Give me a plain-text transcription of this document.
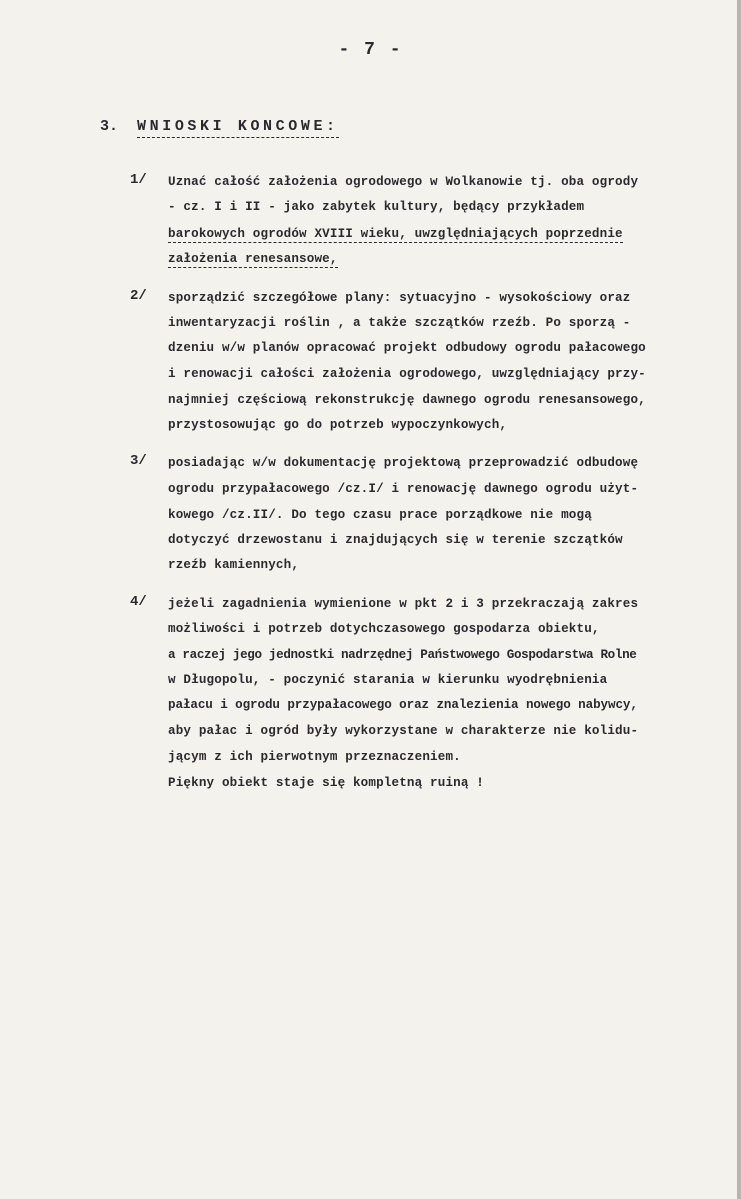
- 7 -
3. WNIOSKI KONCOWE:
1/ Uznać całość założenia ogrodowego w Wolkanowie tj. oba ogrody
- cz. I i II - jako zabytek kultury, będący przykładem
barokowych ogrodów XVIII wieku, uwzględniających poprzednie
założenia renesansowe,
2/ sporządzić szczegółowe plany: sytuacyjno - wysokościowy oraz
inwentaryzacji roślin , a także szczątków rzeźb. Po sporzą -
dzeniu w/w planów opracować projekt odbudowy ogrodu pałacowego
i renowacji całości założenia ogrodowego, uwzględniający przy-
najmniej częściową rekonstrukcję dawnego ogrodu renesansowego,
przystosowując go do potrzeb wypoczynkowych,
3/ posiadając w/w dokumentację projektową przeprowadzić odbudowę
ogrodu przypałacowego /cz.I/ i renowację dawnego ogrodu użyt-
kowego /cz.II/. Do tego czasu prace porządkowe nie mogą
dotyczyć drzewostanu i znajdujących się w terenie szczątków
rzeźb kamiennych,
4/ jeżeli zagadnienia wymienione w pkt 2 i 3 przekraczają zakres
możliwości i potrzeb dotychczasowego gospodarza obiektu,
a raczej jego jednostki nadrzędnej Państwowego Gospodarstwa Rolne
w Długopolu, - poczynić starania w kierunku wyodrębnienia
pałacu i ogrodu przypałacowego oraz znalezienia nowego nabywcy,
aby pałac i ogród były wykorzystane w charakterze nie kolidu-
jącym z ich pierwotnym przeznaczeniem.
Piękny obiekt staje się kompletną ruiną !
